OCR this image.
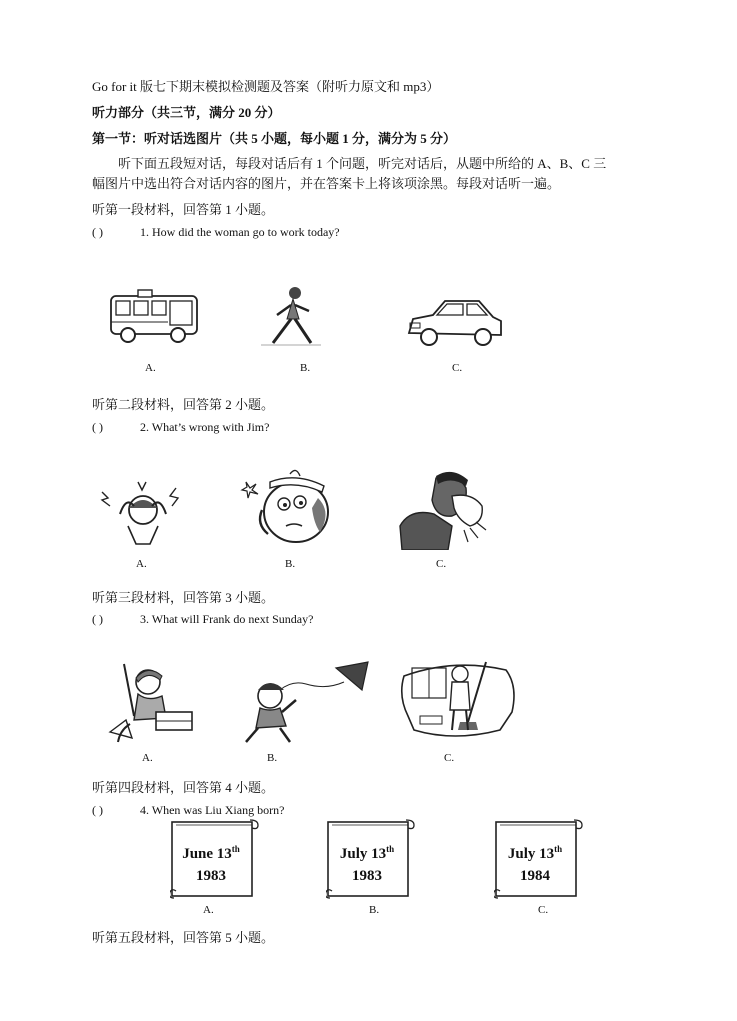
Go for it 版七下期末模拟检测题及答案（附听力原文和 mp3）
听力部分（共三节，满分 20 分）
第一节：听对话选图片（共 5 小题，每小题 1 分，满分为 5 分）
听下面五段短对话，每段对话后有 1 个问题，听完对话后，从题中所给的 A、B、C 三
幅图片中选出符合对话内容的图片，并在答案卡上将该项涂黑。每段对话听一遍。
听第一段材料，回答第 1 小题。
( )	1. How did the woman go to work today?
A.	B.	C.
听第二段材料，回答第 2 小题。
( )	2. What’s wrong with Jim?
A.	B.	C.
听第三段材料，回答第 3 小题。
( )	3. What will Frank do next Sunday?
A.	B.	C.
听第四段材料，回答第 4 小题。
( )	4. When was Liu Xiang born?
June 13th
1983
A.
July 13th
1983
B.
July 13th
1984
C.
听第五段材料，回答第 5 小题。
